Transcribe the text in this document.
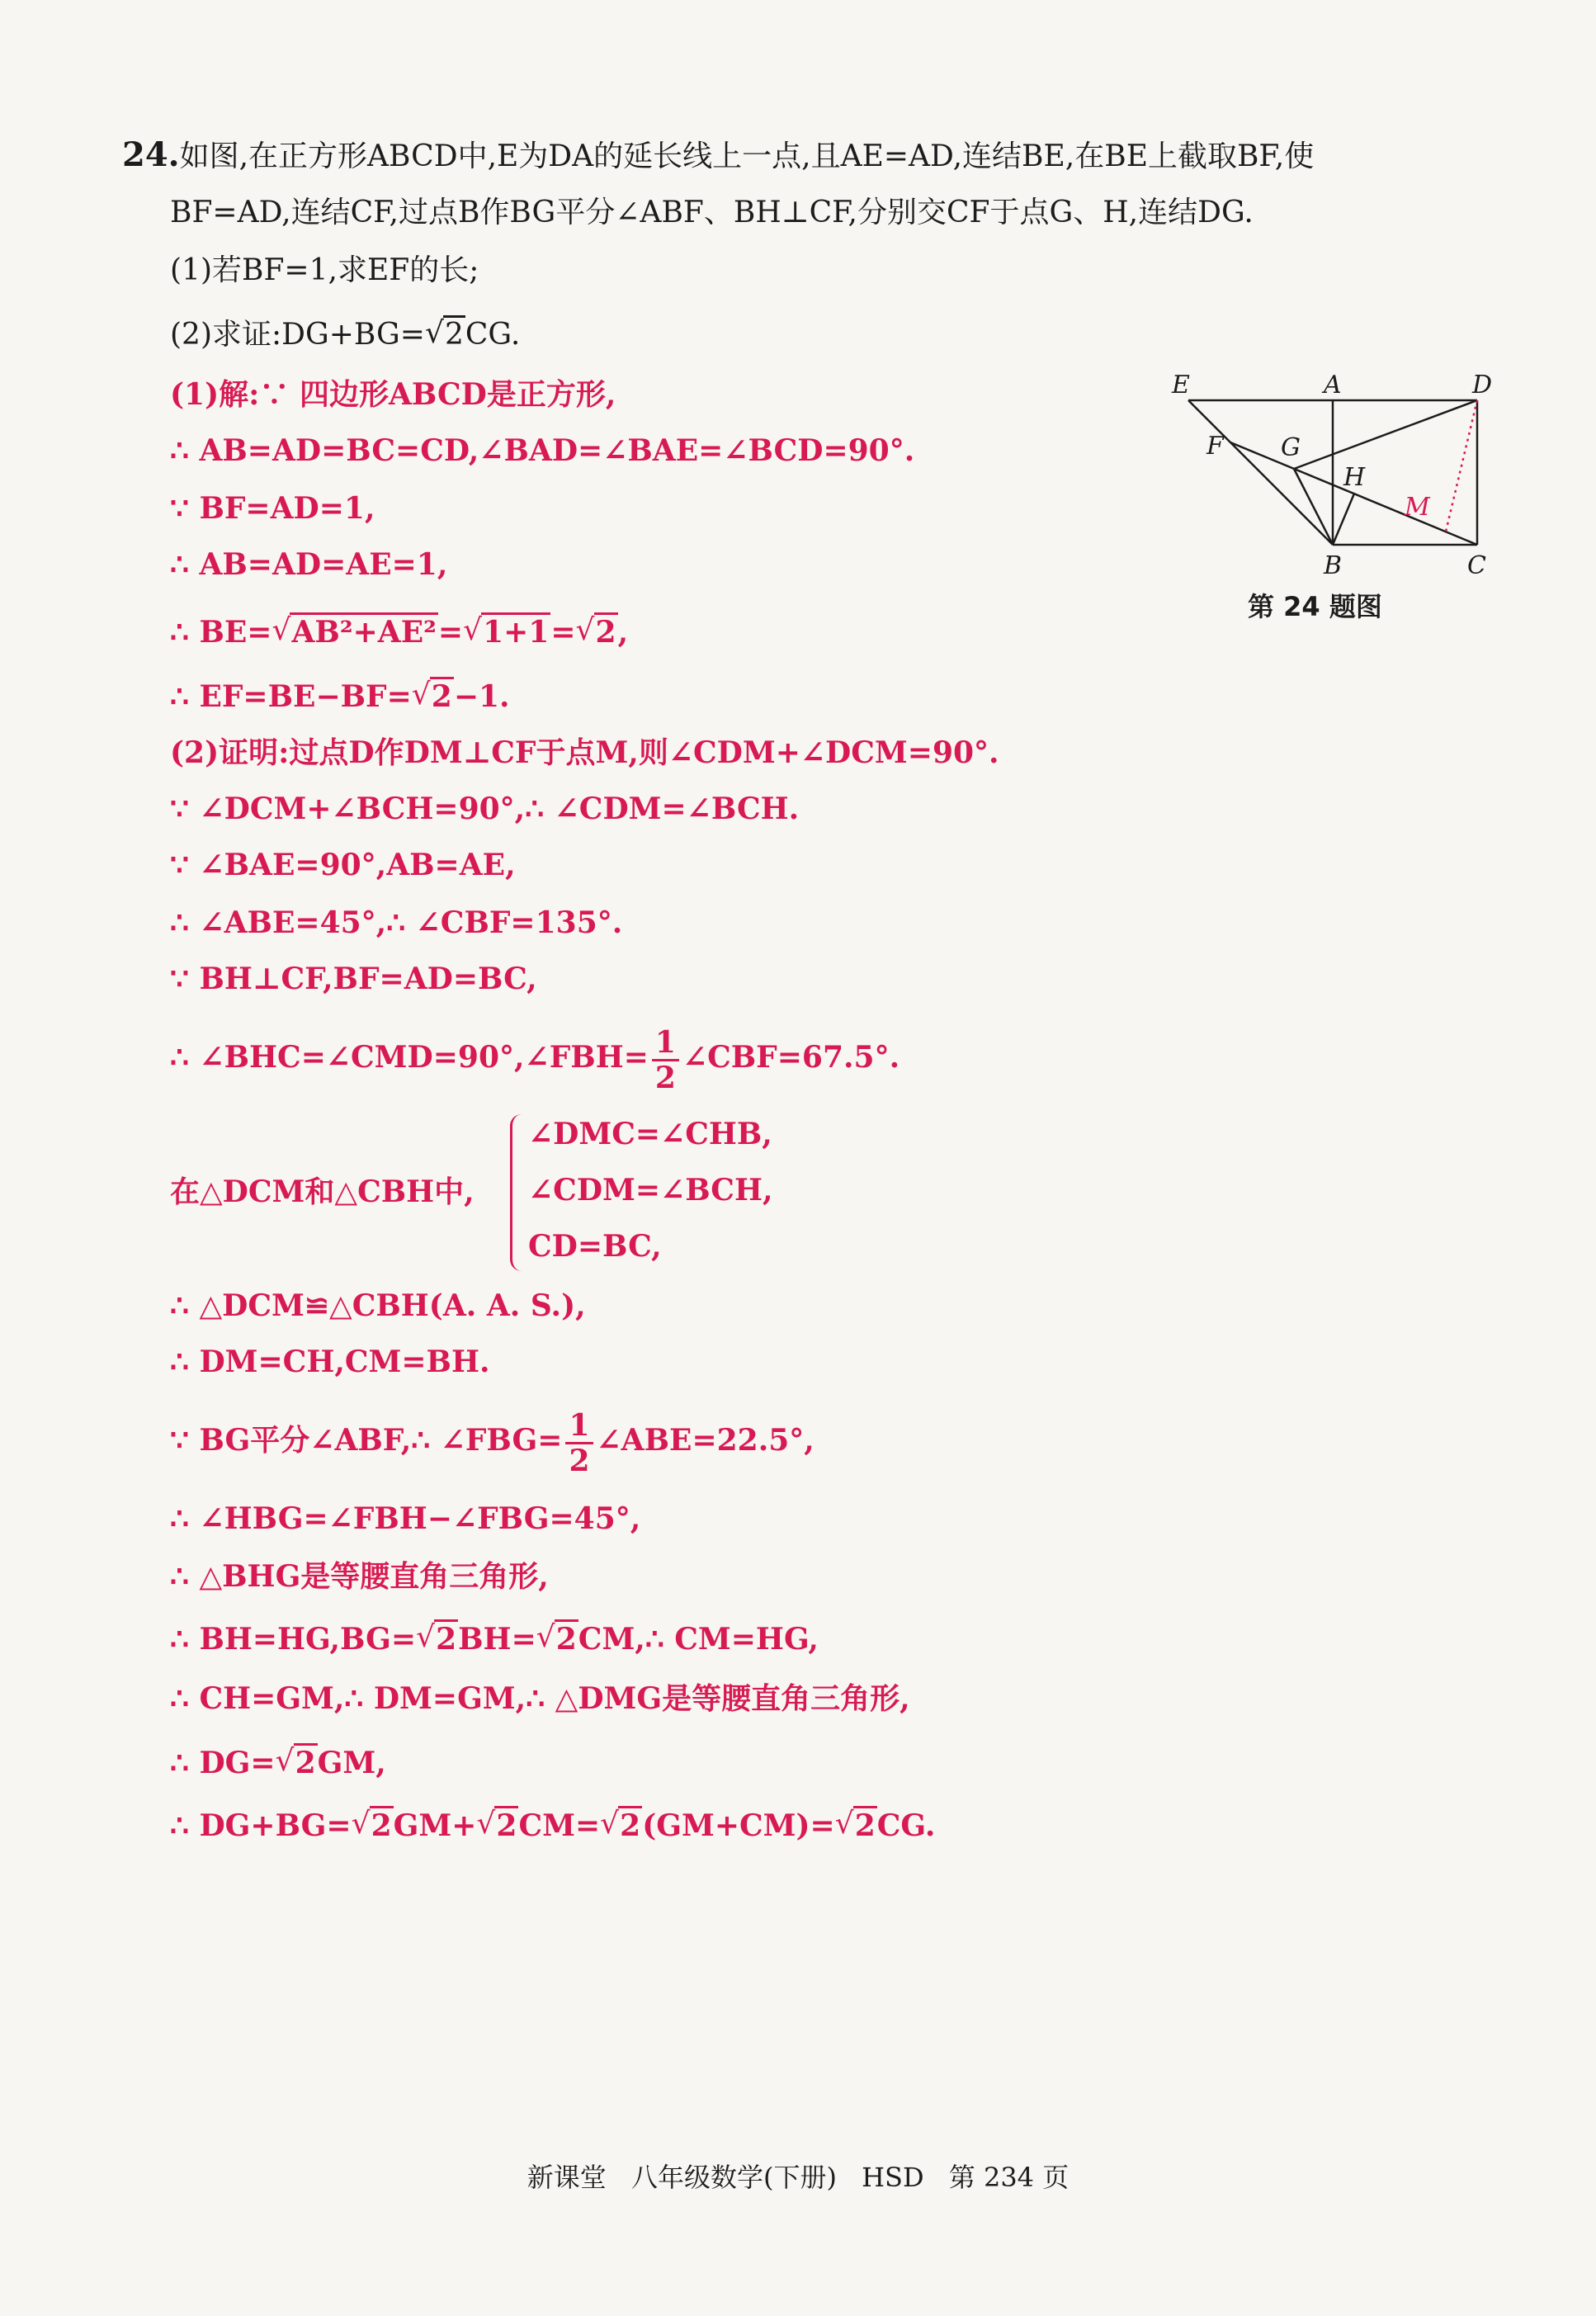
24.如图,在正方形ABCD中,E为DA的延长线上一点,且AE=AD,连结BE,在BE上截取BF,使
BF=AD,连结CF,过点B作BG平分∠ABF、BH⊥CF,分别交CF于点G、H,连结DG.
(1)若BF=1,求EF的长;
(2)求证:DG+BG= √ 2CG.
(1)解:∵ 四边形ABCD是正方形,
∴ AB=AD=BC=CD,∠BAD=∠BAE=∠BCD=90°.
∵ BF=AD=1,
∴ AB=AD=AE=1,
∴ BE= √ AB²+AE²= √ 1+1= √ 2,
∴ EF=BE−BF= √ 2−1.
(2)证明:过点D作DM⊥CF于点M,则∠CDM+∠DCM=90°.
∵ ∠DCM+∠BCH=90°,∴ ∠CDM=∠BCH.
∵ ∠BAE=90°,AB=AE,
∴ ∠ABE=45°,∴ ∠CBF=135°.
∵ BH⊥CF,BF=AD=BC,
∴ ∠BHC=∠CMD=90°,∠FBH= $\frac{1}{2}$ ∠CBF=67.5°.
在△DCM和△CBH中,
∠DMC=∠CHB,
∠CDM=∠BCH,
CD=BC,
∴ △DCM≌△CBH(A. A. S.),
∴ DM=CH,CM=BH.
∵ BG平分∠ABF,∴ ∠FBG= $\frac{1}{2}$ ∠ABE=22.5°,
∴ ∠HBG=∠FBH−∠FBG=45°,
∴ △BHG是等腰直角三角形,
∴ BH=HG,BG= √ 2BH= √ 2CM,∴ CM=HG,
∴ CH=GM,∴ DM=GM,∴ △DMG是等腰直角三角形,
∴ DG= √ 2GM,
∴ DG+BG= √ 2GM+ √ 2CM= √ 2(GM+CM)= √ 2CG.
E	A	D
F G
H
M
B	C
第 24 题图
新课堂 八年级数学(下册) HSD 第 234 页
